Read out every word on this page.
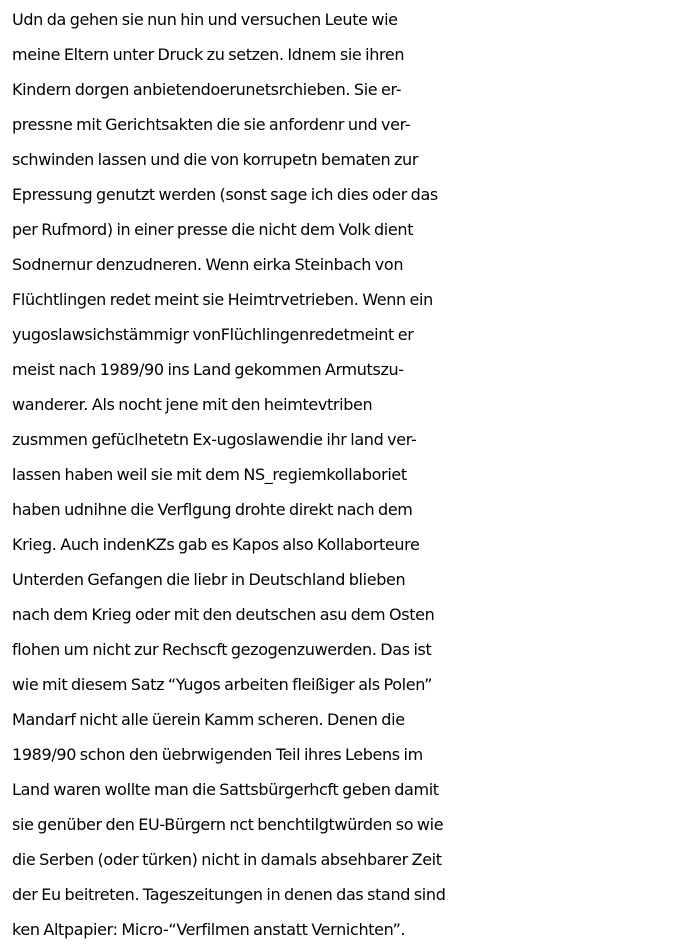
Udn da gehen sie nun hin und versuchen Leute wie
meine Eltern unter Druck zu setzen. Idnem sie ihren
Kindern dorgen anbietendoerunetsrchieben. Sie er-
pressne mit Gerichtsakten die sie anfordenr und ver-
schwinden lassen und die von korrupetn bematen zur
Epressung genutzt werden (sonst sage ich dies oder das
per Rufmord) in einer presse die nicht dem Volk dient
Sodnernur denzudneren. Wenn eirka Steinbach von
Flüchtlingen redet meint sie Heimtrvetrieben. Wenn ein
yugoslawsichstämmigr vonFlüchlingenredetmeint er
meist nach 1989/90 ins Land gekommen Armutszu-
wanderer. Als nocht jene mit den heimtevtriben
zusmmen gefüclhetetn Ex-ugoslawendie ihr land ver-
lassen haben weil sie mit dem NS_regiemkollaboriet
haben udnihne die Verflgung drohte direkt nach dem
Krieg. Auch indenKZs gab es Kapos also Kollaborteure
Unterden Gefangen die liebr in Deutschland blieben
nach dem Krieg oder mit den deutschen asu dem Osten
flohen um nicht zur Rechscft gezogenzuwerden. Das ist
wie mit diesem Satz “Yugos arbeiten fleißiger als Polen”
Mandarf nicht alle üerein Kamm scheren. Denen die
1989/90 schon den üebrwigenden Teil ihres Lebens im
Land waren wollte man die Sattsbürgerhcft geben damit
sie genüber den EU-Bürgern nct benchtilgtwürden so wie
die Serben (oder türken) nicht in damals absehbarer Zeit
der Eu beitreten. Tageszeitungen in denen das stand sind
ken Altpapier: Micro-“Verfilmen anstatt Vernichten”.
